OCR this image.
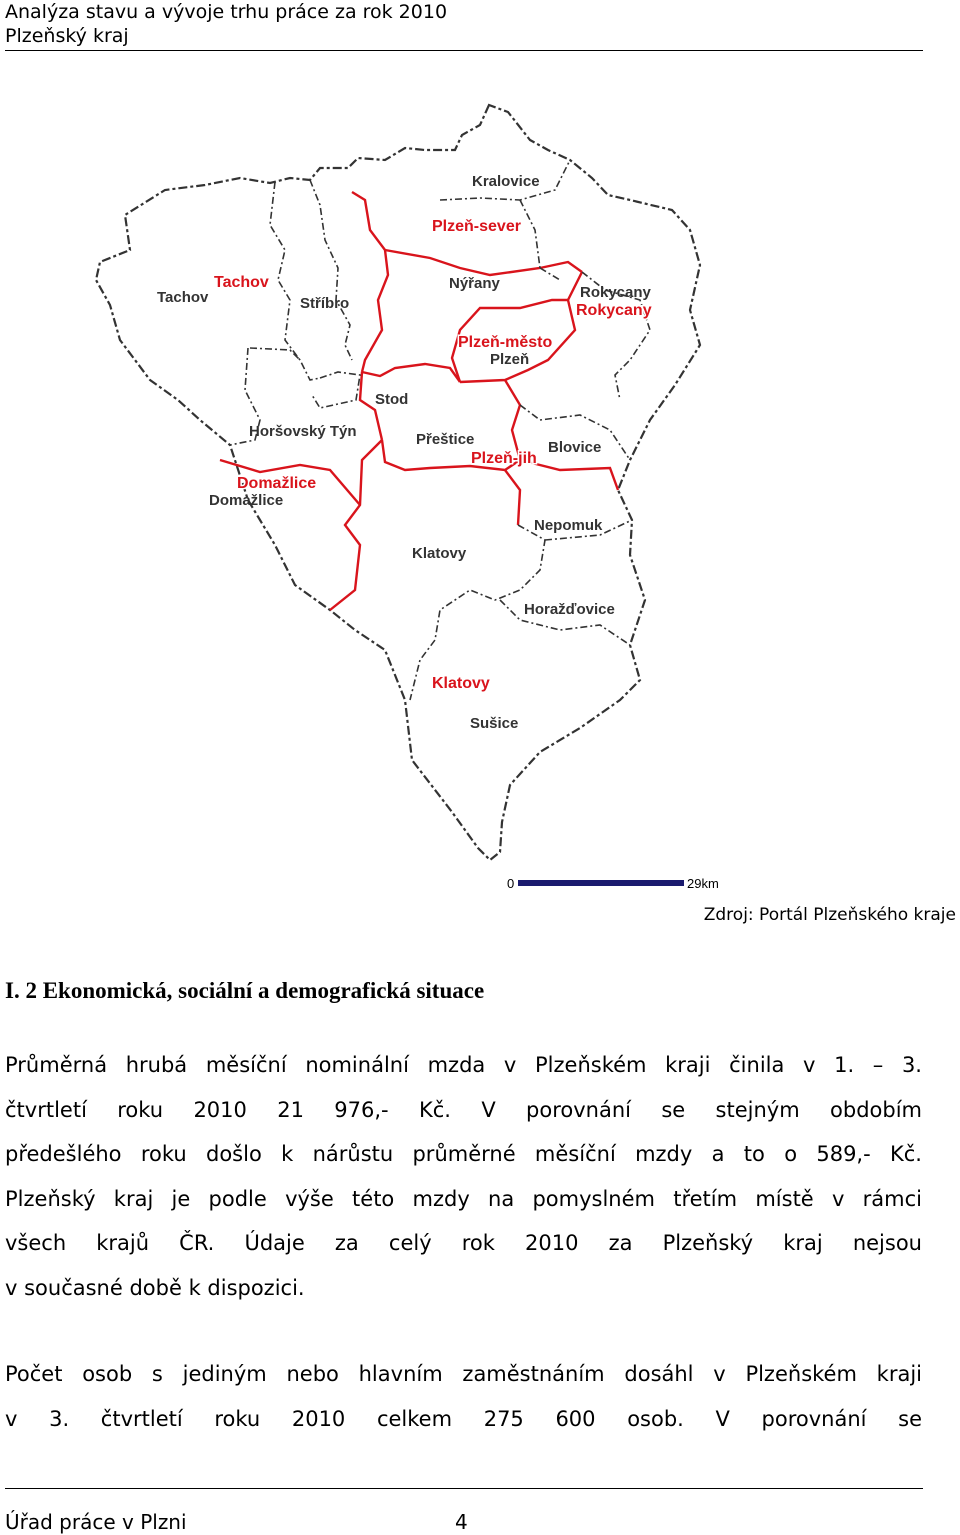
Analýza stavu a vývoje trhu práce za rok 2010
Plzeňský kraj
Kralovice
Tachov	Stříbro
Nýřany
Rokycany
Plzeň
Stod
Horšovský Týn	Přeštice	Blovice
Domažlice
Nepomuk
Klatovy
Horažďovice
Sušice
Plzeň-sever
Tachov
Rokycany
Plzeň-město
Plzeň-jih
Domažlice
Klatovy
0	29km
Zdroj: Portál Plzeňského kraje
I. 2 Ekonomická, sociální a demografická situace
Průměrná hrubá měsíční nominální mzda v Plzeňském kraji činila v 1. – 3.
čtvrtletí roku 2010 21 976,- Kč. V porovnání se stejným obdobím
předešlého roku došlo k nárůstu průměrné měsíční mzdy a to o 589,- Kč.
Plzeňský kraj je podle výše této mzdy na pomyslném třetím místě v rámci
všech krajů ČR. Údaje za celý rok 2010 za Plzeňský kraj nejsou
v současné době k dispozici.
Počet osob s jediným nebo hlavním zaměstnáním dosáhl v Plzeňském kraji
v 3. čtvrtletí roku 2010 celkem 275 600 osob. V porovnání se
Úřad práce v Plzni	4
